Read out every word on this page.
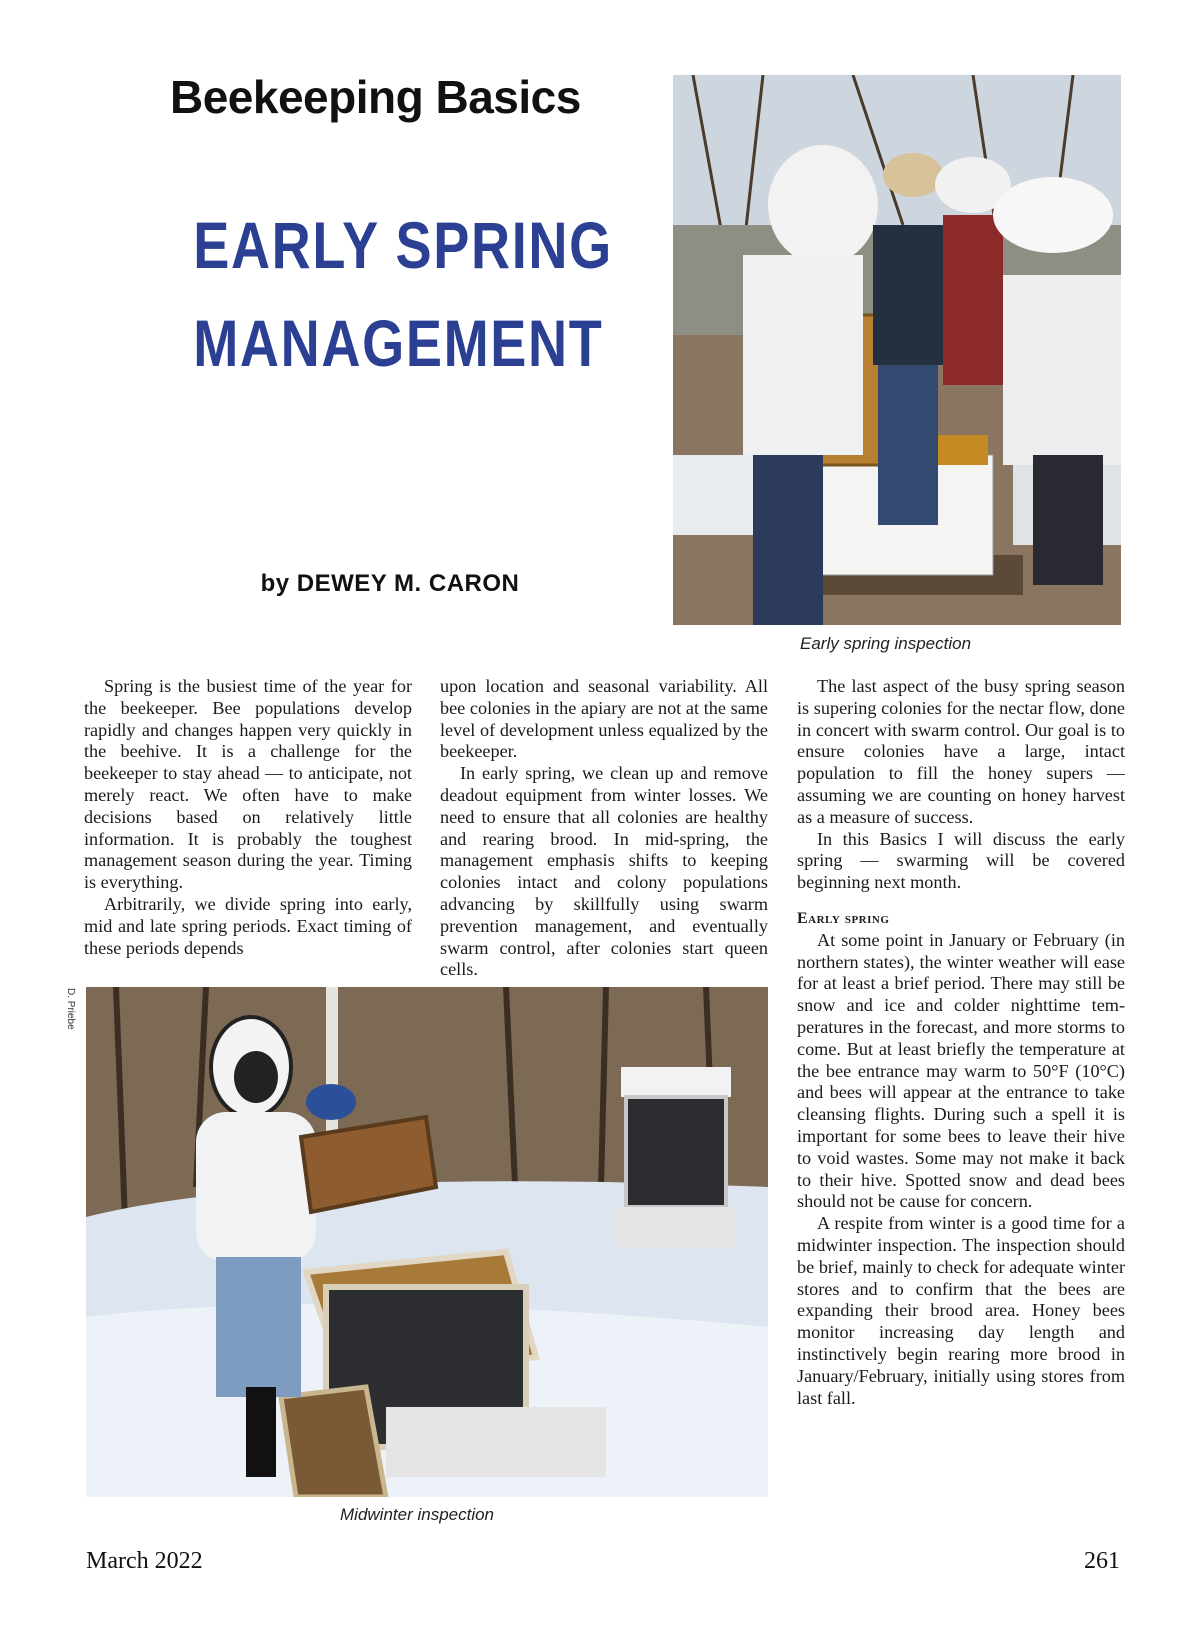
Beekeeping Basics
EARLY SPRING
MANAGEMENT
by DEWEY M. CARON
Early spring inspection

Spring is the busiest time of the year for the beekeeper. Bee populations develop rapidly and changes happen very quickly in the beehive. It is a challenge for the beekeeper to stay ahead — to anticipate, not merely react. We often have to make decisions based on relatively little information. It is probably the toughest management season during the year. Timing is everything.

Arbitrarily, we divide spring into early, mid and late spring periods. Exact timing of these periods depends

upon location and seasonal variability. All bee colonies in the apiary are not at the same level of development unless equalized by the beekeeper.

In early spring, we clean up and remove deadout equipment from winter losses. We need to ensure that all colonies are healthy and rearing brood. In mid-spring, the management emphasis shifts to keeping colonies intact and colony populations advancing by skillfully using swarm prevention management, and eventually swarm control, after colonies start queen cells.

The last aspect of the busy spring season is supering colonies for the nectar flow, done in concert with swarm control. Our goal is to ensure colonies have a large, intact population to fill the honey supers — assuming we are counting on honey harvest as a measure of success.

In this Basics I will discuss the early spring — swarming will be covered beginning next month.

Early spring

At some point in January or February (in northern states), the winter weather will ease for at least a brief period. There may still be snow and ice and colder nighttime temperatures in the forecast, and more storms to come. But at least briefly the temperature at the bee entrance may warm to 50°F (10°C) and bees will appear at the entrance to take cleansing flights. During such a spell it is important for some bees to leave their hive to void wastes. Some may not make it back to their hive. Spotted snow and dead bees should not be cause for concern.

A respite from winter is a good time for a midwinter inspection. The inspection should be brief, mainly to check for adequate winter stores and to confirm that the bees are expanding their brood area. Honey bees monitor increasing day length and instinctively begin rearing more brood in January/February, initially using stores from last fall.

D. Priebe
Midwinter inspection
March 2022	261
